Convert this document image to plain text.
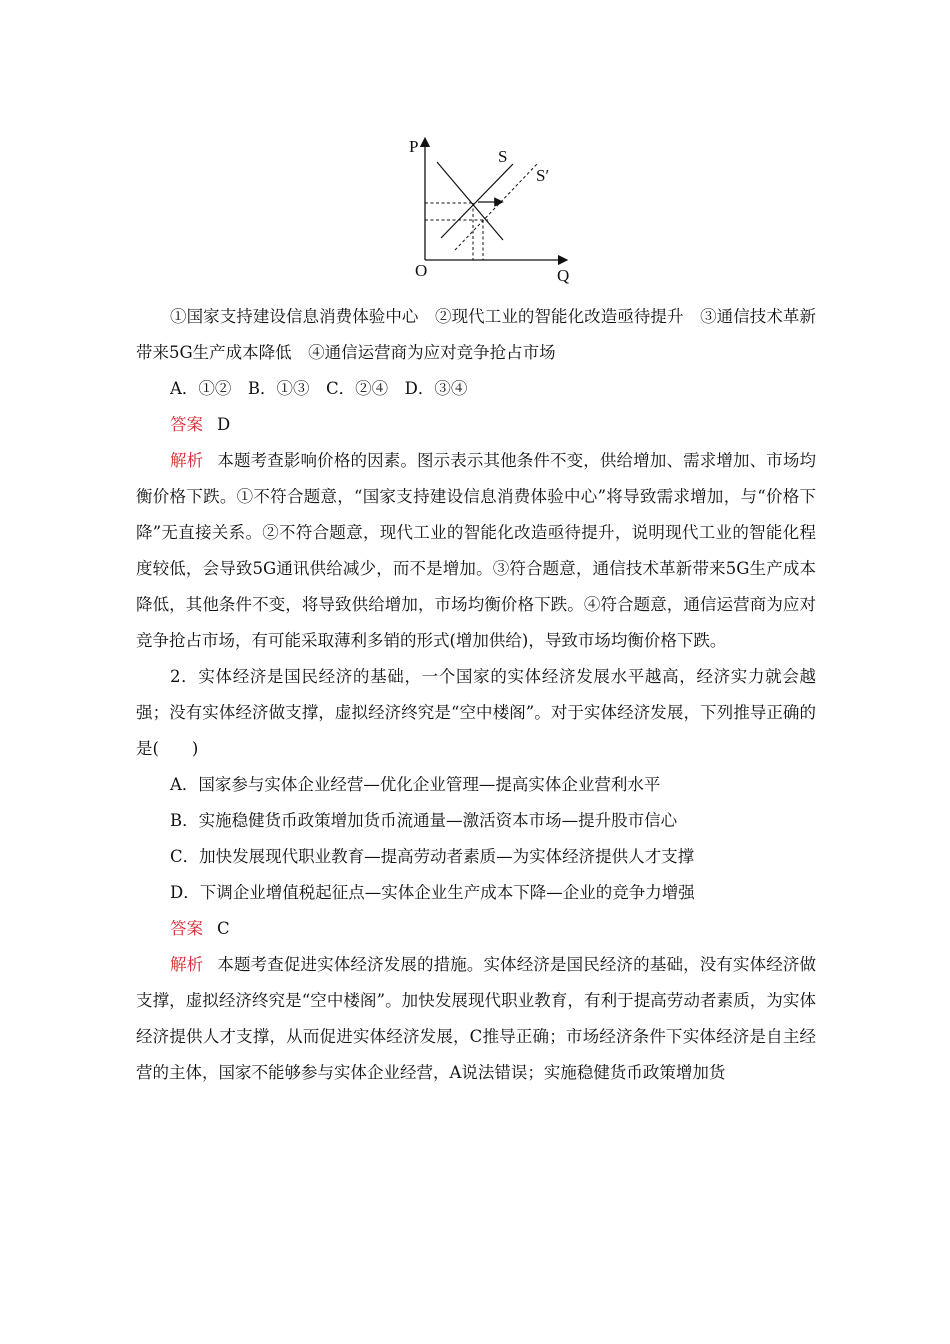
P
Q
O
S
S′

①国家支持建设信息消费体验中心　②现代工业的智能化改造亟待提升　③通信技术革新带来5G生产成本降低　④通信运营商为应对竞争抢占市场

A．①②　B．①③　C．②④　D．③④

答案 D

解析 本题考查影响价格的因素。图示表示其他条件不变，供给增加、需求增加、市场均衡价格下跌。①不符合题意，“国家支持建设信息消费体验中心”将导致需求增加，与“价格下降”无直接关系。②不符合题意，现代工业的智能化改造亟待提升，说明现代工业的智能化程度较低，会导致5G通讯供给减少，而不是增加。③符合题意，通信技术革新带来5G生产成本降低，其他条件不变，将导致供给增加，市场均衡价格下跌。④符合题意，通信运营商为应对竞争抢占市场，有可能采取薄利多销的形式(增加供给)，导致市场均衡价格下跌。

2．实体经济是国民经济的基础，一个国家的实体经济发展水平越高，经济实力就会越强；没有实体经济做支撑，虚拟经济终究是“空中楼阁”。对于实体经济发展，下列推导正确的是(　　)

A．国家参与实体企业经营—优化企业管理—提高实体企业营利水平

B．实施稳健货币政策增加货币流通量—激活资本市场—提升股市信心

C．加快发展现代职业教育—提高劳动者素质—为实体经济提供人才支撑

D．下调企业增值税起征点—实体企业生产成本下降—企业的竞争力增强

答案 C

解析 本题考查促进实体经济发展的措施。实体经济是国民经济的基础，没有实体经济做支撑，虚拟经济终究是“空中楼阁”。加快发展现代职业教育，有利于提高劳动者素质，为实体经济提供人才支撑，从而促进实体经济发展，C推导正确；市场经济条件下实体经济是自主经营的主体，国家不能够参与实体企业经营，A说法错误；实施稳健货币政策增加货
